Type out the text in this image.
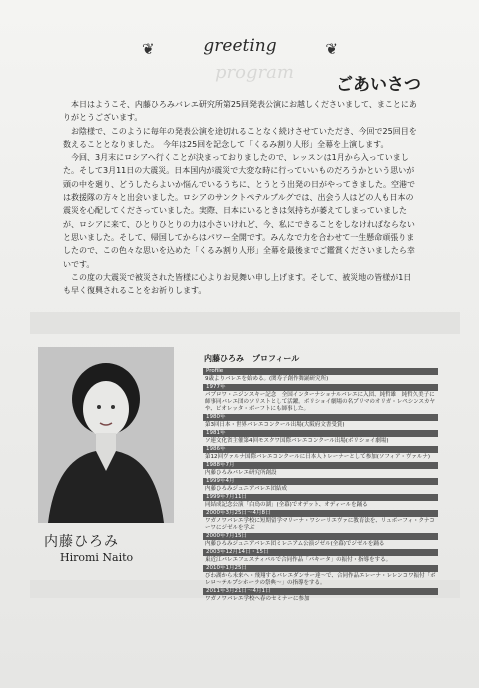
program
❦	greeting	❦
ごあいさつ

本日はようこそ、内藤ひろみバレエ研究所第25回発表公演にお越しくださいまして、まことにありがとうございます。

お陰様で、このように毎年の発表公演を途切れることなく続けさせていただき、今回で25回目を数えることとなりました。　今年は25回を記念して「くるみ割り人形」全幕を上演します。

今回、3月末にロシアへ行くことが決まっておりましたので、レッスンは1月から入っていました。そして3月11日の大震災。日本国内が震災で大変な時に行っていいものだろうかという思いが頭の中を廻り、どうしたらよいか悩んでいるうちに、とうとう出発の日がやってきました。空港では救援隊の方々と出会いました。ロシアのサンクトペテルブルグでは、出会う人はどの人も日本の震災を心配してくださっていました。実際、日本にいるときは気持ちが萎えてしまっていましたが、ロシアに来て、ひとりひとりの力は小さいけれど、今、私にできることをしなければならないと思いました。そして、帰国してからはパワー全開です。みんなで力を合わせて一生懸命頑張りましたので、この色々な思いを込めた「くるみ割り人形」全幕を最後までご鑑賞くださいましたら幸いです。

この度の大震災で被災された皆様に心よりお見舞い申し上げます。そして、被災地の皆様が1日も早く復興されることをお祈りします。

内藤ひろみ
Hiromi Naito
内藤ひろみ　プロフィール
Profile
9歳よりバレエを始める。(関寿子創作舞踊研究所)
1977年
パブロワ・ニジンスキー記念　全国インターナショナルバレエに入団、純哲雄　純哲久美子に師事同バレエ団のソリストとして活躍。ボリショイ劇場の名プリマのオリガ・レペシンスカヤや、ビオレッタ・ボーフトにも師事した。
1980年
第3回日本・世界バレエコンクール出場(大阪府文書受賞)
1981年
ソ連文化省主催第4回モスクワ国際バレエコンクール出場(ボリショイ劇場)
1986年
第12回ヴァルナ国際バレエコンクールに日本人トレーナーとして参加(ソフィア・ヴァルナ)
1988年7月
内藤ひろみバレエ研究所創設
1999年4月
内藤ひろみジュニアバレエ団結成
1999年7月11日
同結成記念公演「白鳥の湖」(全幕)でオデット、オディールを踊る
2000年3月25日〜4月8日
ワガノワバレエ学校に短期留学マリーナ・ワシーリエヴァに教育法を、リュボーフィ・クナコーワにジゼルを学ぶ
2000年7月15日
内藤ひろみジュニアバレエ団ミレニアム公演ジゼル(全幕)でジゼルを踊る
2003年12月14日・15日
東近江バレエフェスティバルで合同作品「パキータ」の振付・指導をする。
2010年1月25日
びわ湖から未来へ・飛翔するバレエダンサー達〜で、合同作品エレーナ・レレンコワ振付「ボレロ〜テルプシホーラの祭典〜」の指導をする。
2011年3月21日〜4月1日
ワガノワバレエ学校へ春のセミナーに参加
